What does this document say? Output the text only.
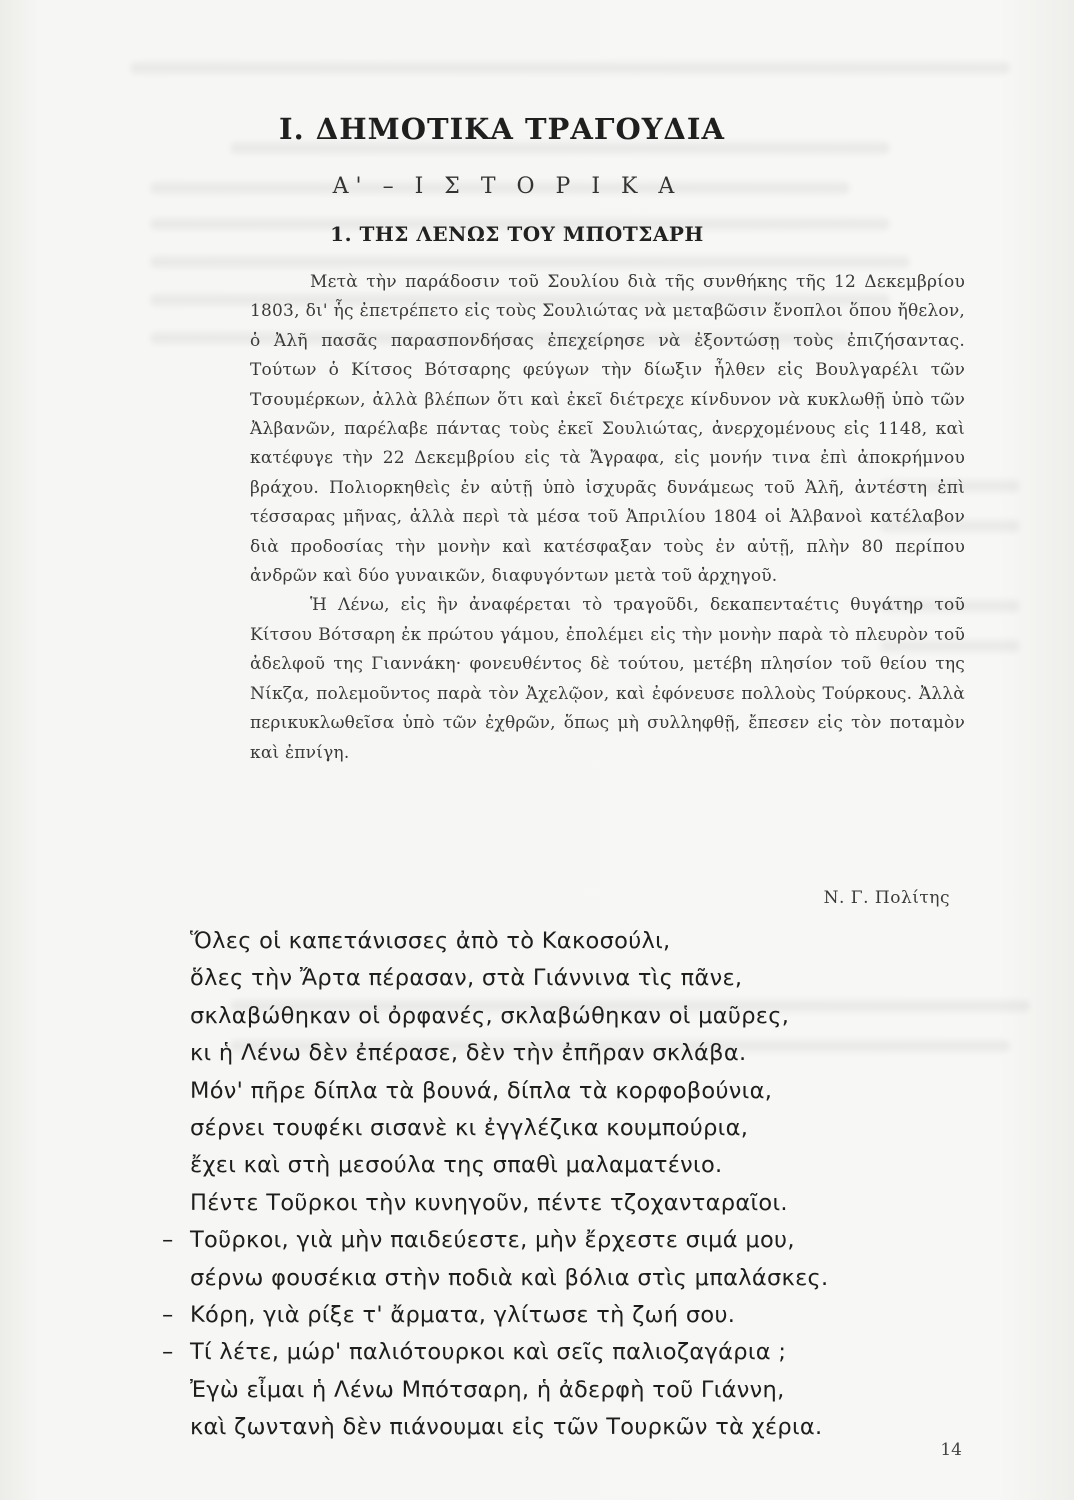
Ι. ΔΗΜΟΤΙΚΑ ΤΡΑΓΟΥΔΙΑ
Α' – Ι Σ Τ Ο Ρ Ι Κ Α
1. ΤΗΣ ΛΕΝΩΣ ΤΟΥ ΜΠΟΤΣΑΡΗ

Μετὰ τὴν παράδοσιν τοῦ Σουλίου διὰ τῆς συνθήκης τῆς 12 Δεκεμβρίου 1803, δι' ἧς ἐπετρέπετο εἰς τοὺς Σουλιώτας νὰ μεταβῶσιν ἔνοπλοι ὅπου ἤθελον, ὁ Ἀλῆ πασᾶς παρασπονδήσας ἐπεχείρησε νὰ ἐξοντώσῃ τοὺς ἐπιζήσαντας. Τούτων ὁ Κίτσος Βότσαρης φεύγων τὴν δίωξιν ἦλθεν εἰς Βουλγαρέλι τῶν Τσουμέρκων, ἀλλὰ βλέπων ὅτι καὶ ἐκεῖ διέτρεχε κίνδυνον νὰ κυκλωθῇ ὑπὸ τῶν Ἀλβανῶν, παρέλαβε πάντας τοὺς ἐκεῖ Σουλιώτας, ἀνερχομένους εἰς 1148, καὶ κατέφυγε τὴν 22 Δεκεμβρίου εἰς τὰ Ἄγραφα, εἰς μονήν τινα ἐπὶ ἀποκρήμνου βράχου. Πολιορκηθεὶς ἐν αὐτῇ ὑπὸ ἰσχυρᾶς δυνάμεως τοῦ Ἀλῆ, ἀντέστη ἐπὶ τέσσαρας μῆνας, ἀλλὰ περὶ τὰ μέσα τοῦ Ἀπριλίου 1804 οἱ Ἀλβανοὶ κατέλαβον διὰ προδοσίας τὴν μονὴν καὶ κατέσφαξαν τοὺς ἐν αὐτῇ, πλὴν 80 περίπου ἀνδρῶν καὶ δύο γυναικῶν, διαφυγόντων μετὰ τοῦ ἀρχηγοῦ.

Ἡ Λένω, εἰς ἣν ἀναφέρεται τὸ τραγοῦδι, δεκαπενταέτις θυγάτηρ τοῦ Κίτσου Βότσαρη ἐκ πρώτου γάμου, ἐπολέμει εἰς τὴν μονὴν παρὰ τὸ πλευρὸν τοῦ ἀδελφοῦ της Γιαννάκη· φονευθέντος δὲ τούτου, μετέβη πλησίον τοῦ θείου της Νίκζα, πολεμοῦντος παρὰ τὸν Ἀχελῷον, καὶ ἐφόνευσε πολλοὺς Τούρκους. Ἀλλὰ περικυκλωθεῖσα ὑπὸ τῶν ἐχθρῶν, ὅπως μὴ συλληφθῇ, ἔπεσεν εἰς τὸν ποταμὸν καὶ ἐπνίγη.

Ν. Γ. Πολίτης
Ὅλες οἱ καπετάνισσες ἀπὸ τὸ Κακοσούλι,
ὅλες τὴν Ἄρτα πέρασαν, στὰ Γιάννινα τὶς πᾶνε,
σκλαβώθηκαν οἱ ὀρφανές, σκλαβώθηκαν οἱ μαῦρες,
κι ἡ Λένω δὲν ἐπέρασε, δὲν τὴν ἐπῆραν σκλάβα.
Μόν' πῆρε δίπλα τὰ βουνά, δίπλα τὰ κορφοβούνια,
σέρνει τουφέκι σισανὲ κι ἐγγλέζικα κουμπούρια,
ἔχει καὶ στὴ μεσούλα της σπαθὶ μαλαματένιο.
Πέντε Τοῦρκοι τὴν κυνηγοῦν, πέντε τζοχανταραῖοι.
– Τοῦρκοι, γιὰ μὴν παιδεύεστε, μὴν ἔρχεστε σιμά μου,
σέρνω φουσέκια στὴν ποδιὰ καὶ βόλια στὶς μπαλάσκες.
– Κόρη, γιὰ ρίξε τ' ἄρματα, γλίτωσε τὴ ζωή σου.
– Τί λέτε, μώρ' παλιότουρκοι καὶ σεῖς παλιοζαγάρια ;
Ἐγὼ εἶμαι ἡ Λένω Μπότσαρη, ἡ ἀδερφὴ τοῦ Γιάννη,
καὶ ζωντανὴ δὲν πιάνουμαι εἰς τῶν Τουρκῶν τὰ χέρια.
14
